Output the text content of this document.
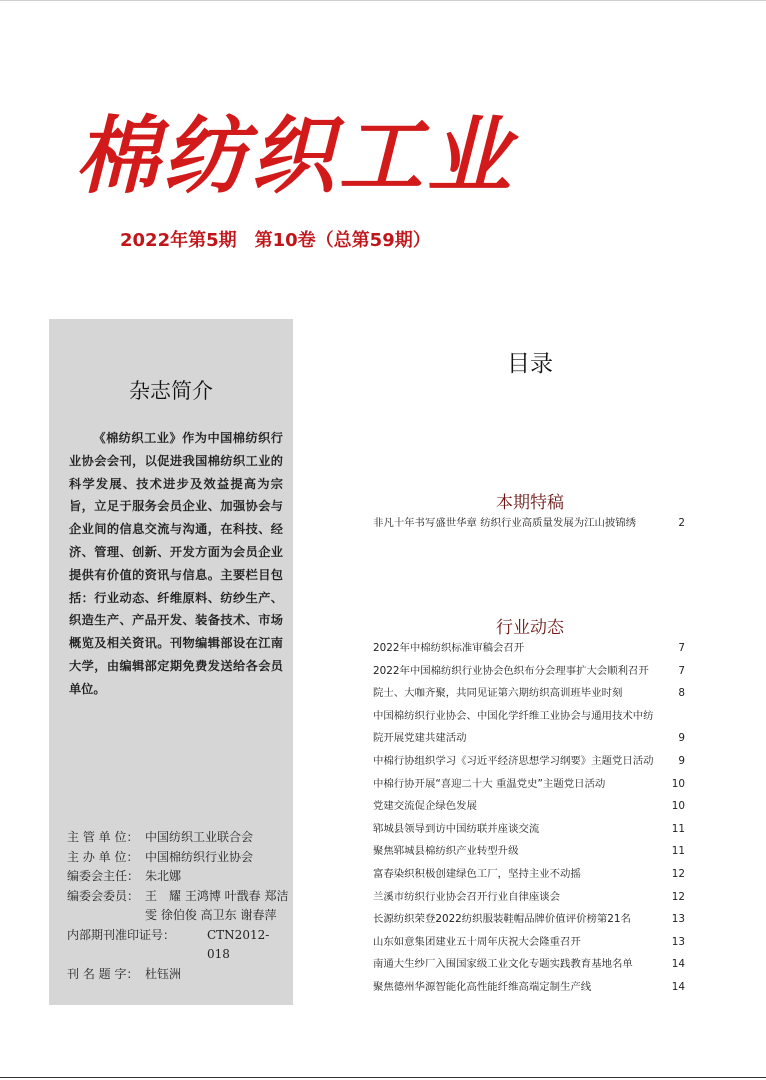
棉纺织工业
2022年第5期　第10卷（总第59期）
杂志简介
《棉纺织工业》作为中国棉纺织行业协会会刊，以促进我国棉纺织工业的科学发展、技术进步及效益提高为宗旨，立足于服务会员企业、加强协会与企业间的信息交流与沟通，在科技、经济、管理、创新、开发方面为会员企业提供有价值的资讯与信息。主要栏目包括：行业动态、纤维原料、纺纱生产、织造生产、产品开发、装备技术、市场概览及相关资讯。刊物编辑部设在江南大学，由编辑部定期免费发送给各会员单位。
主 管 单 位： 中国纺织工业联合会
主 办 单 位： 中国棉纺织行业协会
编委会主任： 朱北娜
编委会委员： 王　耀 王鸿博 叶戬春 郑洁雯 徐伯俊 高卫东 谢春萍
内部期刊准印证号：	CTN2012-018
刊 名 题 字： 杜钰洲
目录
本期特稿
非凡十年书写盛世华章 纺织行业高质量发展为江山披锦绣	2
行业动态
2022年中棉纺织标准审稿会召开	7
2022年中国棉纺织行业协会色织布分会理事扩大会顺利召开	7
院士、大咖齐聚，共同见证第六期纺织高训班毕业时刻	8
中国棉纺织行业协会、中国化学纤维工业协会与通用技术中纺
院开展党建共建活动	9
中棉行协组织学习《习近平经济思想学习纲要》主题党日活动 9
中棉行协开展“喜迎二十大 重温党史”主题党日活动	10
党建交流促企绿色发展	10
郓城县领导到访中国纺联并座谈交流	11
聚焦郓城县棉纺织产业转型升级	11
富春染织积极创建绿色工厂，坚持主业不动摇	12
兰溪市纺织行业协会召开行业自律座谈会	12
长源纺织荣登2022纺织服装鞋帽品牌价值评价榜第21名	13
山东如意集团建业五十周年庆祝大会隆重召开	13
南通大生纱厂入围国家级工业文化专题实践教育基地名单	14
聚焦德州华源智能化高性能纤维高端定制生产线	14
